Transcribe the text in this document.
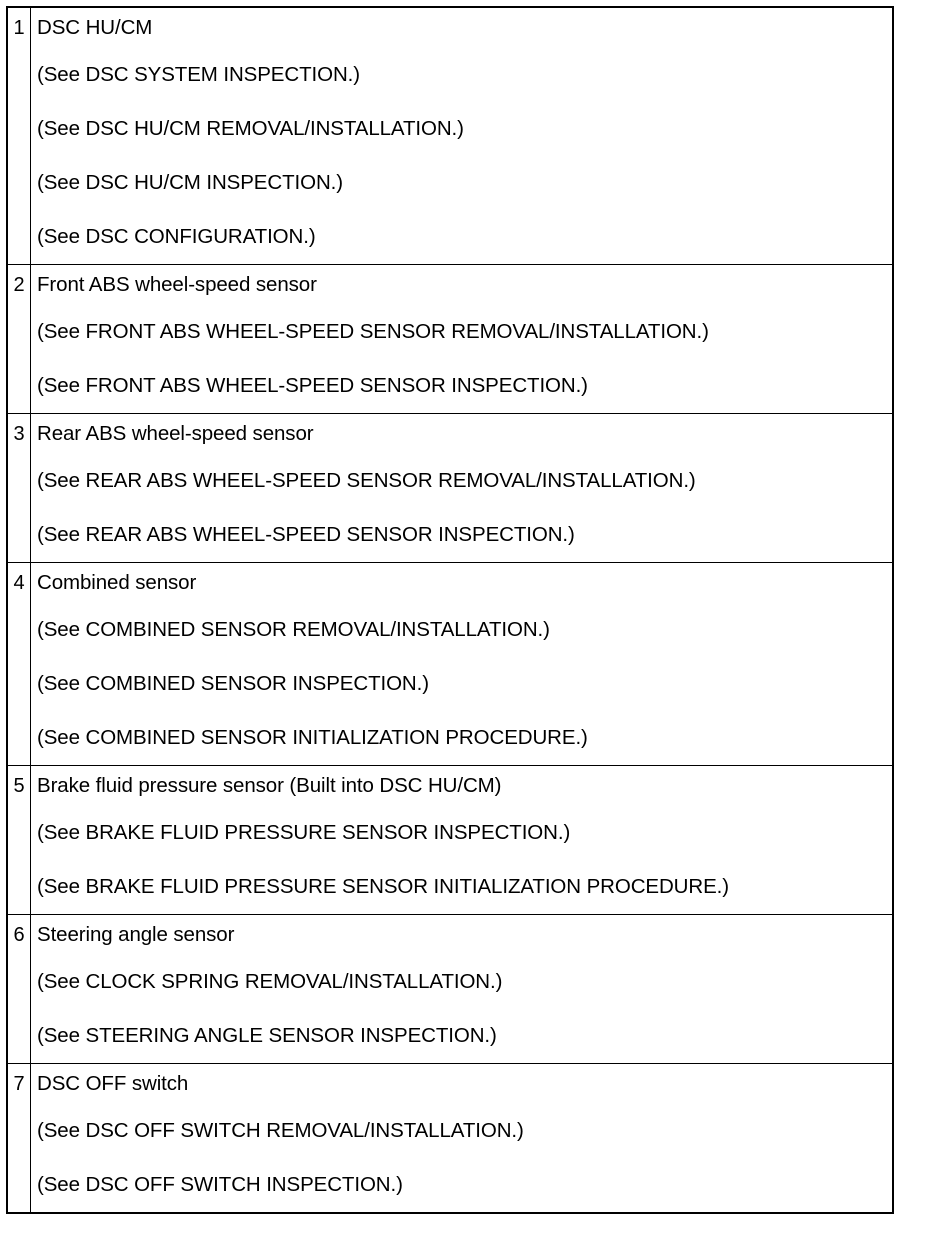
1	DSC HU/CM
(See DSC SYSTEM INSPECTION.)
(See DSC HU/CM REMOVAL/INSTALLATION.)
(See DSC HU/CM INSPECTION.)
(See DSC CONFIGURATION.)

2	Front ABS wheel-speed sensor
(See FRONT ABS WHEEL-SPEED SENSOR REMOVAL/INSTALLATION.)
(See FRONT ABS WHEEL-SPEED SENSOR INSPECTION.)

3	Rear ABS wheel-speed sensor
(See REAR ABS WHEEL-SPEED SENSOR REMOVAL/INSTALLATION.)
(See REAR ABS WHEEL-SPEED SENSOR INSPECTION.)

4	Combined sensor
(See COMBINED SENSOR REMOVAL/INSTALLATION.)
(See COMBINED SENSOR INSPECTION.)
(See COMBINED SENSOR INITIALIZATION PROCEDURE.)

5	Brake fluid pressure sensor (Built into DSC HU/CM)
(See BRAKE FLUID PRESSURE SENSOR INSPECTION.)
(See BRAKE FLUID PRESSURE SENSOR INITIALIZATION PROCEDURE.)

6	Steering angle sensor
(See CLOCK SPRING REMOVAL/INSTALLATION.)
(See STEERING ANGLE SENSOR INSPECTION.)

7	DSC OFF switch
(See DSC OFF SWITCH REMOVAL/INSTALLATION.)
(See DSC OFF SWITCH INSPECTION.)
